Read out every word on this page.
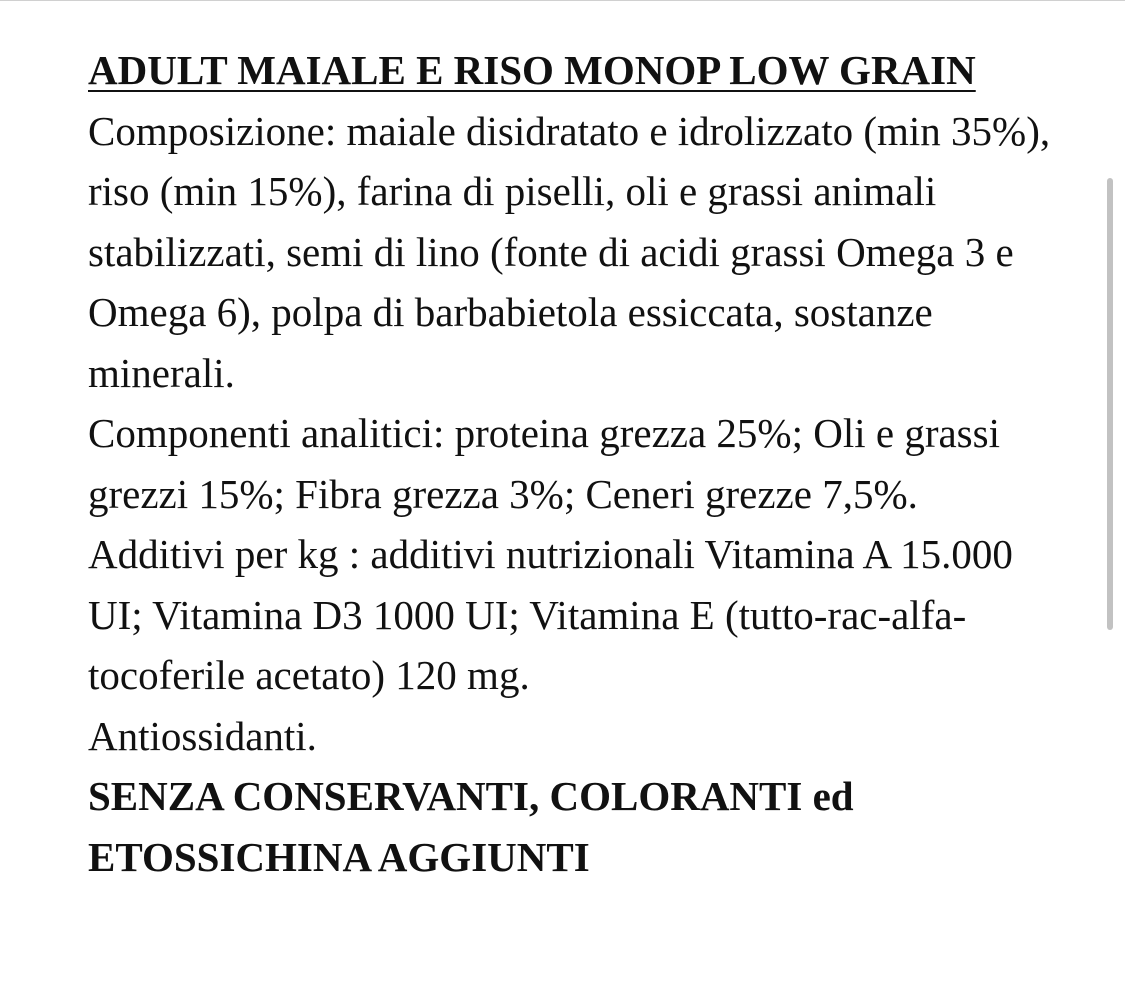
ADULT MAIALE E RISO MONOP LOW GRAIN

Composizione: maiale disidratato e idrolizzato (min 35%), riso (min 15%), farina di piselli, oli e grassi animali stabilizzati, semi di lino (fonte di acidi grassi Omega 3 e Omega 6), polpa di barbabietola essiccata, sostanze minerali.

Componenti analitici: proteina grezza 25%; Oli e grassi grezzi 15%; Fibra grezza 3%; Ceneri grezze 7,5%.

Additivi per kg : additivi nutrizionali Vitamina A 15.000 UI; Vitamina D3 1000 UI; Vitamina E (tutto-rac-alfa-tocoferile acetato) 120 mg.

Antiossidanti.

SENZA CONSERVANTI, COLORANTI ed ETOSSICHINA AGGIUNTI
